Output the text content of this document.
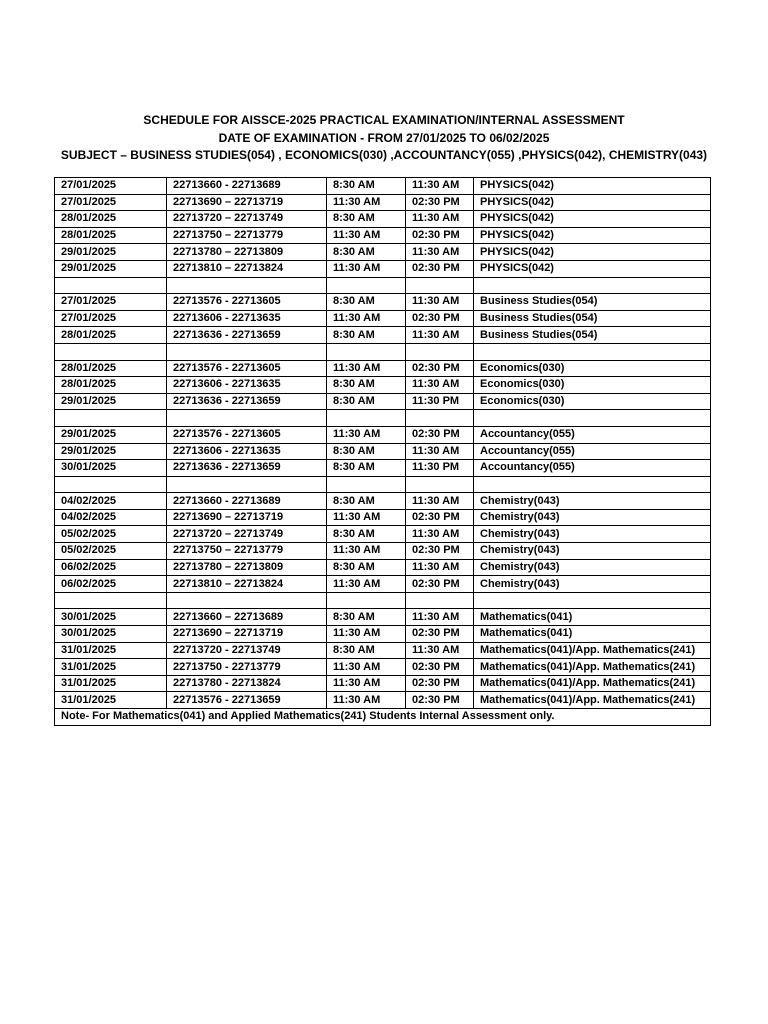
SCHEDULE FOR AISSCE-2025 PRACTICAL EXAMINATION/INTERNAL ASSESSMENT
DATE OF EXAMINATION - FROM 27/01/2025 TO 06/02/2025
SUBJECT – BUSINESS STUDIES(054) , ECONOMICS(030) ,ACCOUNTANCY(055) ,PHYSICS(042), CHEMISTRY(043)
27/01/2025	22713660 - 22713689	8:30 AM	11:30 AM	PHYSICS(042)
27/01/2025	22713690 – 22713719	11:30 AM	02:30 PM	PHYSICS(042)
28/01/2025	22713720 – 22713749	8:30 AM	11:30 AM	PHYSICS(042)
28/01/2025	22713750 – 22713779	11:30 AM	02:30 PM	PHYSICS(042)
29/01/2025	22713780 – 22713809	8:30 AM	11:30 AM	PHYSICS(042)
29/01/2025	22713810 – 22713824	11:30 AM	02:30 PM	PHYSICS(042)

27/01/2025	22713576 - 22713605	8:30 AM	11:30 AM	Business Studies(054)
27/01/2025	22713606 - 22713635	11:30 AM	02:30 PM	Business Studies(054)
28/01/2025	22713636 - 22713659	8:30 AM	11:30 AM	Business Studies(054)

28/01/2025	22713576 - 22713605	11:30 AM	02:30 PM	Economics(030)
28/01/2025	22713606 - 22713635	8:30 AM	11:30 AM	Economics(030)
29/01/2025	22713636 - 22713659	8:30 AM	11:30 PM	Economics(030)

29/01/2025	22713576 - 22713605	11:30 AM	02:30 PM	Accountancy(055)
29/01/2025	22713606 - 22713635	8:30 AM	11:30 AM	Accountancy(055)
30/01/2025	22713636 - 22713659	8:30 AM	11:30 PM	Accountancy(055)

04/02/2025	22713660 - 22713689	8:30 AM	11:30 AM	Chemistry(043)
04/02/2025	22713690 – 22713719	11:30 AM	02:30 PM	Chemistry(043)
05/02/2025	22713720 – 22713749	8:30 AM	11:30 AM	Chemistry(043)
05/02/2025	22713750 – 22713779	11:30 AM	02:30 PM	Chemistry(043)
06/02/2025	22713780 – 22713809	8:30 AM	11:30 AM	Chemistry(043)
06/02/2025	22713810 – 22713824	11:30 AM	02:30 PM	Chemistry(043)

30/01/2025	22713660 – 22713689	8:30 AM	11:30 AM	Mathematics(041)
30/01/2025	22713690 – 22713719	11:30 AM	02:30 PM	Mathematics(041)
31/01/2025	22713720 - 22713749	8:30 AM	11:30 AM	Mathematics(041)/App. Mathematics(241)
31/01/2025	22713750 - 22713779	11:30 AM	02:30 PM	Mathematics(041)/App. Mathematics(241)
31/01/2025	22713780 - 22713824	11:30 AM	02:30 PM	Mathematics(041)/App. Mathematics(241)
31/01/2025	22713576 - 22713659	11:30 AM	02:30 PM	Mathematics(041)/App. Mathematics(241)
Note- For Mathematics(041) and Applied Mathematics(241) Students Internal Assessment only.				
